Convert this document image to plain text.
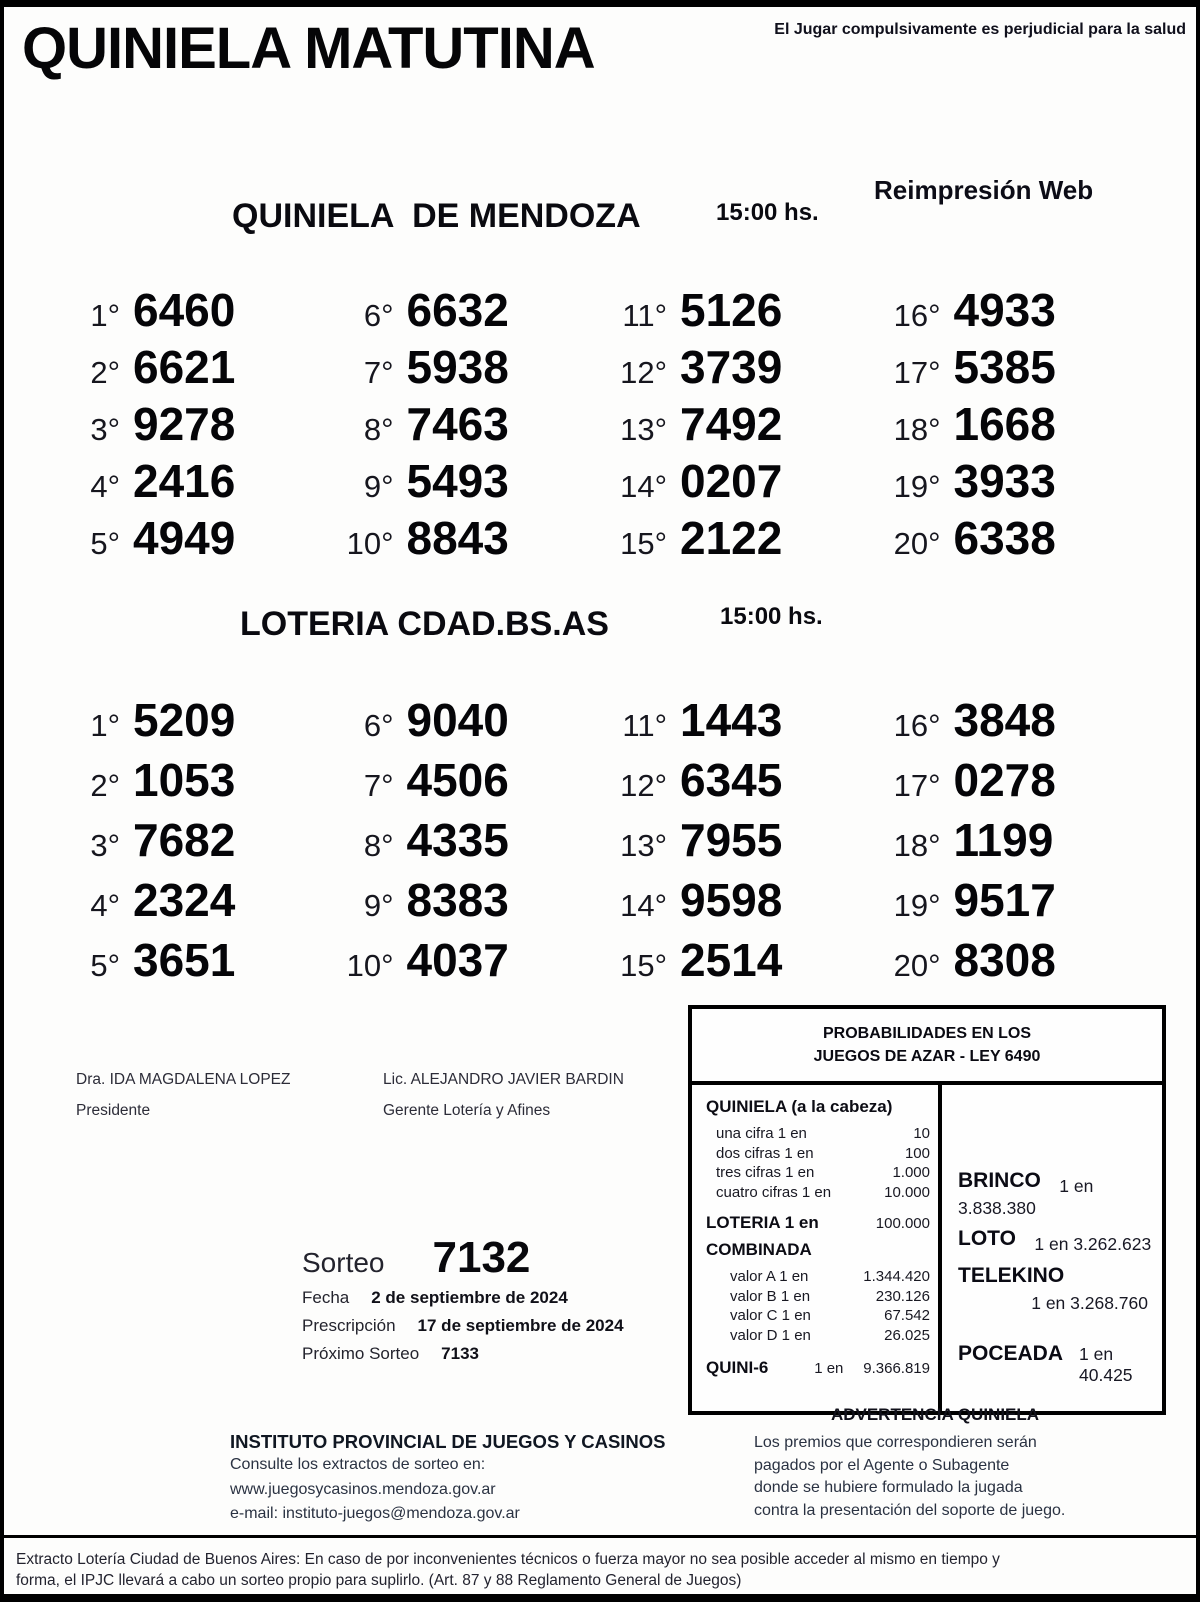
QUINIELA MATUTINA	El Jugar compulsivamente es perjudicial para la salud
QUINIELA  DE MENDOZA	15:00 hs.
Reimpresión Web
1° 6460
2° 6621
3° 9278
4° 2416
5° 4949
6° 6632
7° 5938
8° 7463
9° 5493
10° 8843
11° 5126
12° 3739
13° 7492
14° 0207
15° 2122
16° 4933
17° 5385
18° 1668
19° 3933
20° 6338
LOTERIA CDAD.BS.AS	15:00 hs.
1° 5209
2° 1053
3° 7682
4° 2324
5° 3651
6° 9040
7° 4506
8° 4335
9° 8383
10° 4037
11° 1443
12° 6345
13° 7955
14° 9598
15° 2514
16° 3848
17° 0278
18° 1199
19° 9517
20° 8308
Dra. IDA MAGDALENA LOPEZ
Presidente
Lic. ALEJANDRO JAVIER BARDIN
Gerente Lotería y Afines
Sorteo 7132
Fecha 2 de septiembre de 2024
Prescripción 17 de septiembre de 2024
Próximo Sorteo 7133
PROBABILIDADES EN LOS
JUEGOS DE AZAR - LEY 6490
QUINIELA (a la cabeza)
una cifra 1 en	10
dos cifras 1 en	100
tres cifras 1 en	1.000
cuatro cifras 1 en	10.000
LOTERIA 1 en	100.000
COMBINADA
valor A 1 en	1.344.420
valor B 1 en	230.126
valor C 1 en	67.542
valor D 1 en	26.025
QUINI-6	1 en 9.366.819
BRINCO 1 en 3.838.380
LOTO 1 en 3.262.623
TELEKINO
1 en 3.268.760
POCEADA 1 en 40.425
ADVERTENCIA QUINIELA
Los premios que correspondieren serán
pagados por el Agente o Subagente
donde se hubiere formulado la jugada
contra la presentación del soporte de juego.
INSTITUTO PROVINCIAL DE JUEGOS Y CASINOS
Consulte los extractos de sorteo en:
www.juegosycasinos.mendoza.gov.ar
e-mail: instituto-juegos@mendoza.gov.ar
Extracto Lotería Ciudad de Buenos Aires: En caso de por inconvenientes técnicos o fuerza mayor no sea posible acceder al mismo en tiempo y
forma, el IPJC llevará a cabo un sorteo propio para suplirlo. (Art. 87 y 88 Reglamento General de Juegos)
